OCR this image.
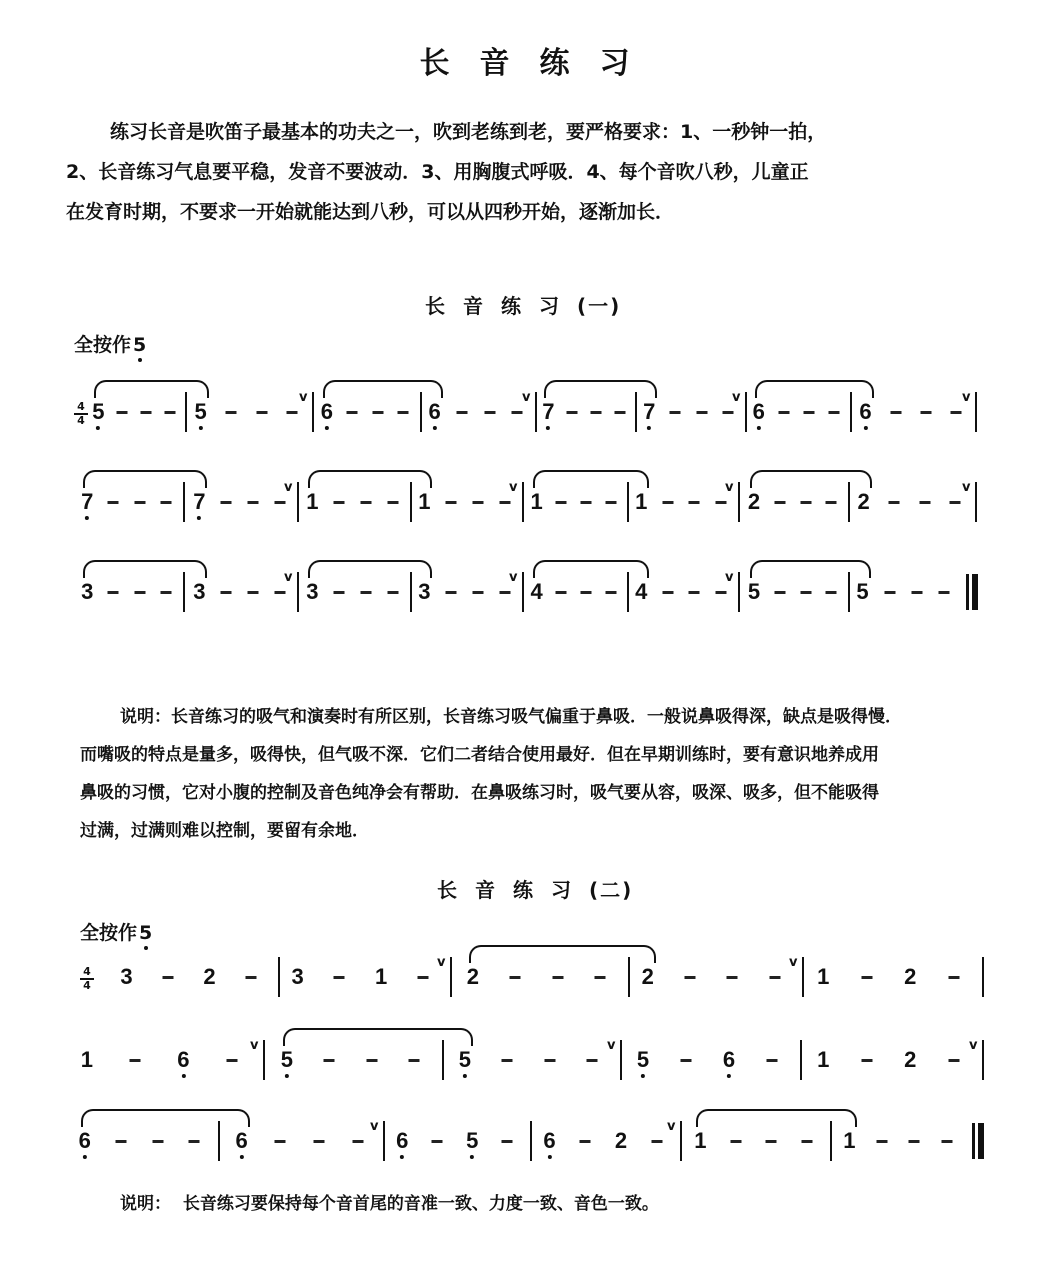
长音练习
练习长音是吹笛子最基本的功夫之一，吹到老练到老，要严格要求：1、一秒钟一拍，
2、长音练习气息要平稳，发音不要波动．3、用胸腹式呼吸．4、每个音吹八秒，儿童正
在发育时期，不要求一开始就能达到八秒，可以从四秒开始，逐渐加长．
长音练习(一)
全按作 5
4
4 5	5
v
6	6
v
7	7
v
6	6
v
7	7
v
1	1
v
1	1
v
2	2
v
3	3
v
3	3
v
4	4
v
5	5
说明：长音练习的吸气和演奏时有所区别，长音练习吸气偏重于鼻吸．一般说鼻吸得深，缺点是吸得慢．
而嘴吸的特点是量多，吸得快，但气吸不深．它们二者结合使用最好．但在早期训练时，要有意识地养成用
鼻吸的习惯，它对小腹的控制及音色纯净会有帮助．在鼻吸练习时，吸气要从容，吸深、吸多，但不能吸得
过满，过满则难以控制，要留有余地．
长音练习(二)
全按作 5
4
4 3	2	3	1
v
2	2
v
1	2
1	6
v
5	5
v
5	6	1	2
v
6	6
v
6	5	6	2
v
1	1
说明： 长音练习要保持每个音首尾的音准一致、力度一致、音色一致。
